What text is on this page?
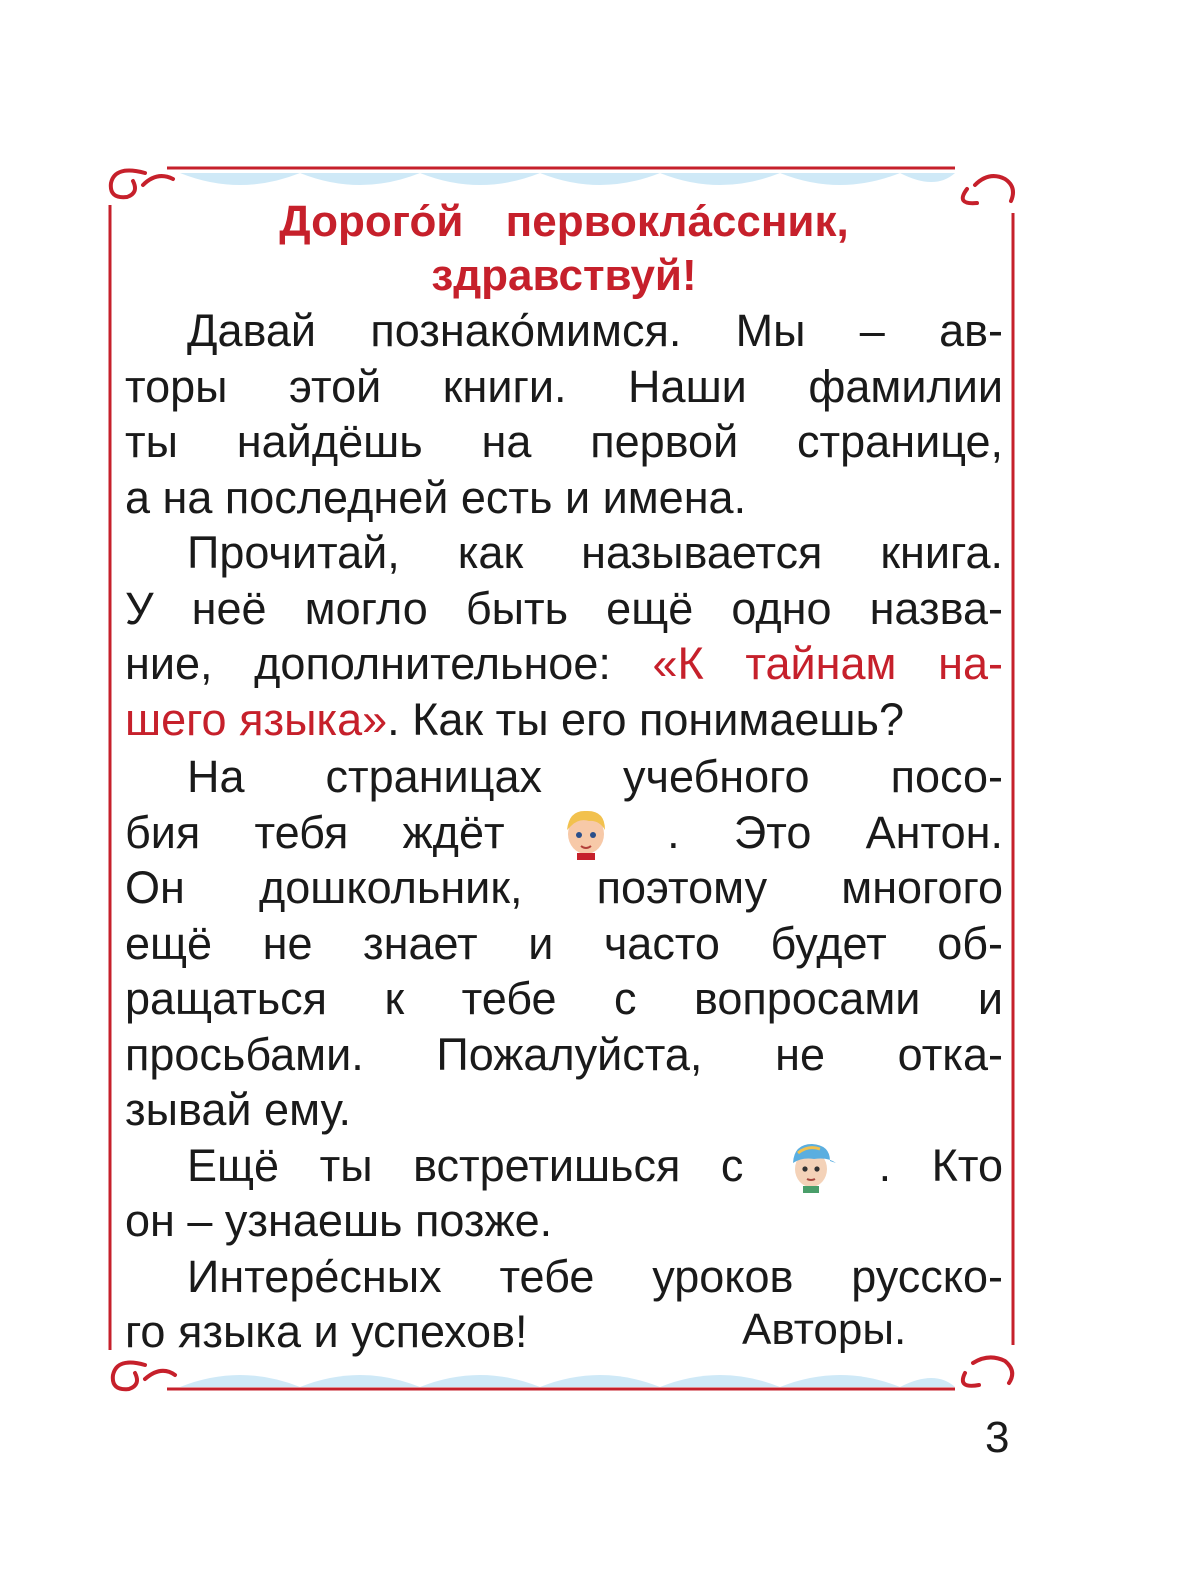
Дорого́й первокла́ссник,
здравствуй!

Давай познако́мимся. Мы – ав-
торы этой книги. Наши фамилии
ты найдёшь на первой странице,
а на последней есть и имена.

Прочитай, как называется книга.
У неё могло быть ещё одно назва-
ние, дополнительное: «К тайнам на-
шего языка». Как ты его понимаешь?

На страницах учебного посо-
бия тебя ждёт	. Это Антон.
Он дошкольник, поэтому многого
ещё не знает и часто будет об-
ращаться к тебе с вопросами и
просьбами. Пожалуйста, не отка-
зывай ему.

Ещё ты встретишься с	. Кто
он – узнаешь позже.

Интере́сных тебе уроков русско-
го языка и успехов!	Авторы.
3
